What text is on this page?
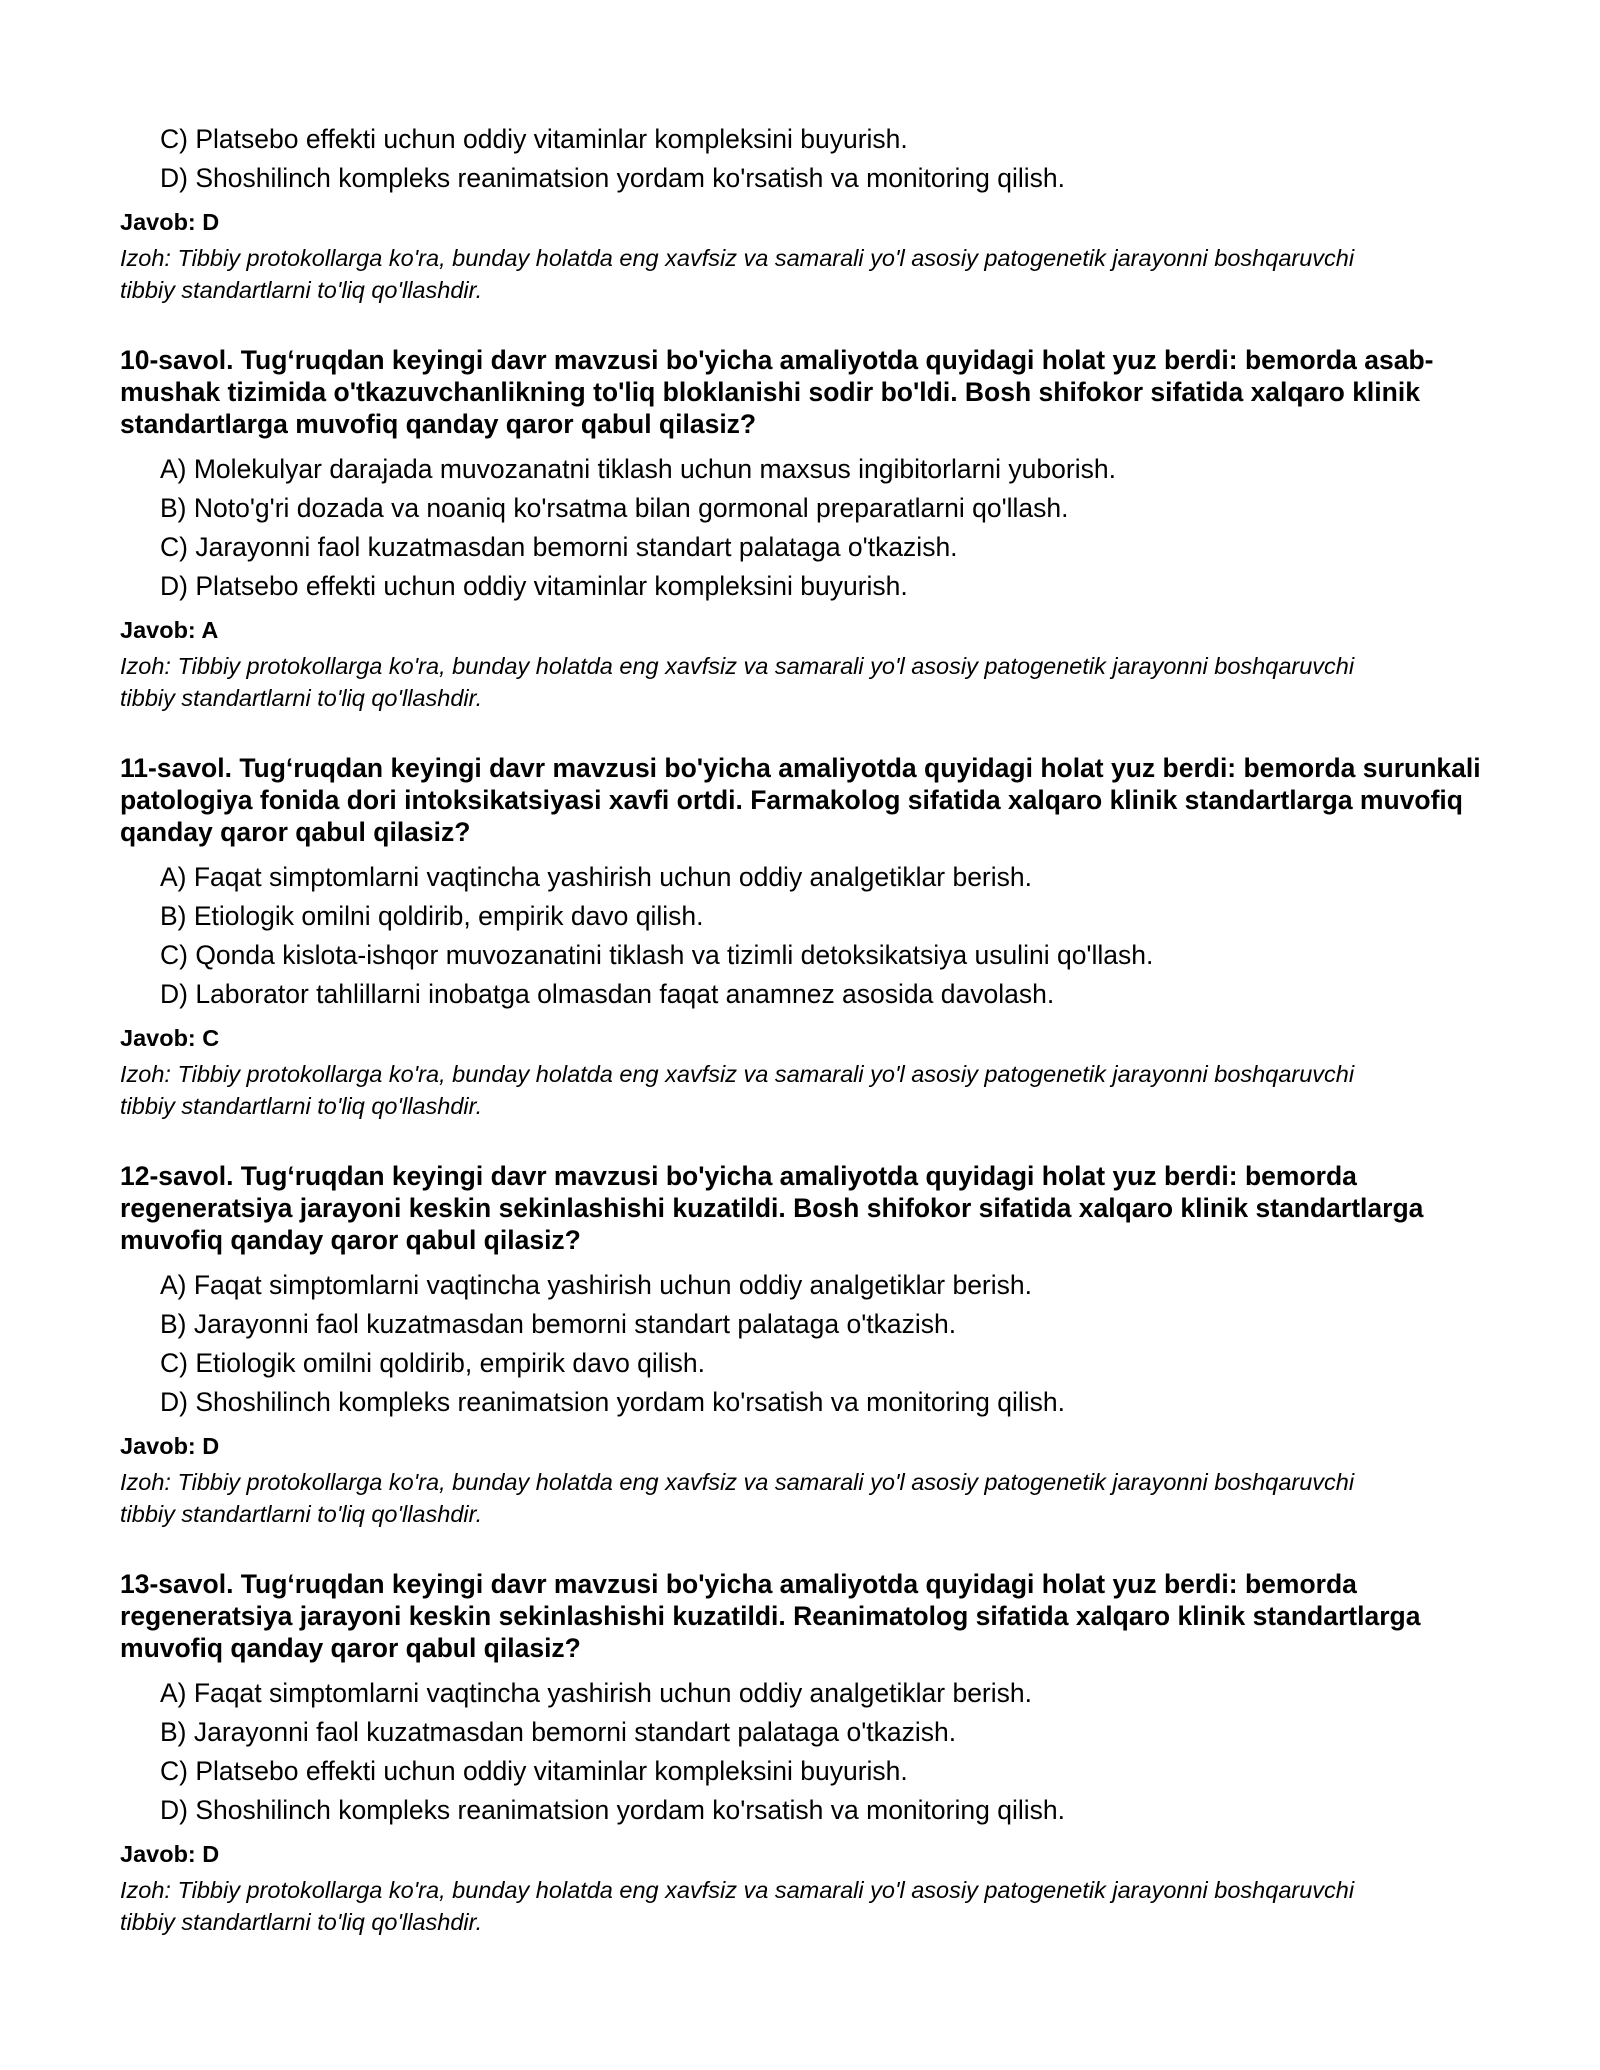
C) Platsebo effekti uchun oddiy vitaminlar kompleksini buyurish.
D) Shoshilinch kompleks reanimatsion yordam ko'rsatish va monitoring qilish.
Javob: D
Izoh: Tibbiy protokollarga ko'ra, bunday holatda eng xavfsiz va samarali yo'l asosiy patogenetik jarayonni boshqaruvchi tibbiy standartlarni to'liq qo'llashdir.
10-savol. Tug‘ruqdan keyingi davr mavzusi bo'yicha amaliyotda quyidagi holat yuz berdi: bemorda asab-mushak tizimida o'tkazuvchanlikning to'liq bloklanishi sodir bo'ldi. Bosh shifokor sifatida xalqaro klinik standartlarga muvofiq qanday qaror qabul qilasiz?
A) Molekulyar darajada muvozanatni tiklash uchun maxsus ingibitorlarni yuborish.
B) Noto'g'ri dozada va noaniq ko'rsatma bilan gormonal preparatlarni qo'llash.
C) Jarayonni faol kuzatmasdan bemorni standart palataga o'tkazish.
D) Platsebo effekti uchun oddiy vitaminlar kompleksini buyurish.
Javob: A
Izoh: Tibbiy protokollarga ko'ra, bunday holatda eng xavfsiz va samarali yo'l asosiy patogenetik jarayonni boshqaruvchi tibbiy standartlarni to'liq qo'llashdir.
11-savol. Tug‘ruqdan keyingi davr mavzusi bo'yicha amaliyotda quyidagi holat yuz berdi: bemorda surunkali patologiya fonida dori intoksikatsiyasi xavfi ortdi. Farmakolog sifatida xalqaro klinik standartlarga muvofiq qanday qaror qabul qilasiz?
A) Faqat simptomlarni vaqtincha yashirish uchun oddiy analgetiklar berish.
B) Etiologik omilni qoldirib, empirik davo qilish.
C) Qonda kislota-ishqor muvozanatini tiklash va tizimli detoksikatsiya usulini qo'llash.
D) Laborator tahlillarni inobatga olmasdan faqat anamnez asosida davolash.
Javob: C
Izoh: Tibbiy protokollarga ko'ra, bunday holatda eng xavfsiz va samarali yo'l asosiy patogenetik jarayonni boshqaruvchi tibbiy standartlarni to'liq qo'llashdir.
12-savol. Tug‘ruqdan keyingi davr mavzusi bo'yicha amaliyotda quyidagi holat yuz berdi: bemorda regeneratsiya jarayoni keskin sekinlashishi kuzatildi. Bosh shifokor sifatida xalqaro klinik standartlarga muvofiq qanday qaror qabul qilasiz?
A) Faqat simptomlarni vaqtincha yashirish uchun oddiy analgetiklar berish.
B) Jarayonni faol kuzatmasdan bemorni standart palataga o'tkazish.
C) Etiologik omilni qoldirib, empirik davo qilish.
D) Shoshilinch kompleks reanimatsion yordam ko'rsatish va monitoring qilish.
Javob: D
Izoh: Tibbiy protokollarga ko'ra, bunday holatda eng xavfsiz va samarali yo'l asosiy patogenetik jarayonni boshqaruvchi tibbiy standartlarni to'liq qo'llashdir.
13-savol. Tug‘ruqdan keyingi davr mavzusi bo'yicha amaliyotda quyidagi holat yuz berdi: bemorda regeneratsiya jarayoni keskin sekinlashishi kuzatildi. Reanimatolog sifatida xalqaro klinik standartlarga muvofiq qanday qaror qabul qilasiz?
A) Faqat simptomlarni vaqtincha yashirish uchun oddiy analgetiklar berish.
B) Jarayonni faol kuzatmasdan bemorni standart palataga o'tkazish.
C) Platsebo effekti uchun oddiy vitaminlar kompleksini buyurish.
D) Shoshilinch kompleks reanimatsion yordam ko'rsatish va monitoring qilish.
Javob: D
Izoh: Tibbiy protokollarga ko'ra, bunday holatda eng xavfsiz va samarali yo'l asosiy patogenetik jarayonni boshqaruvchi tibbiy standartlarni to'liq qo'llashdir.
